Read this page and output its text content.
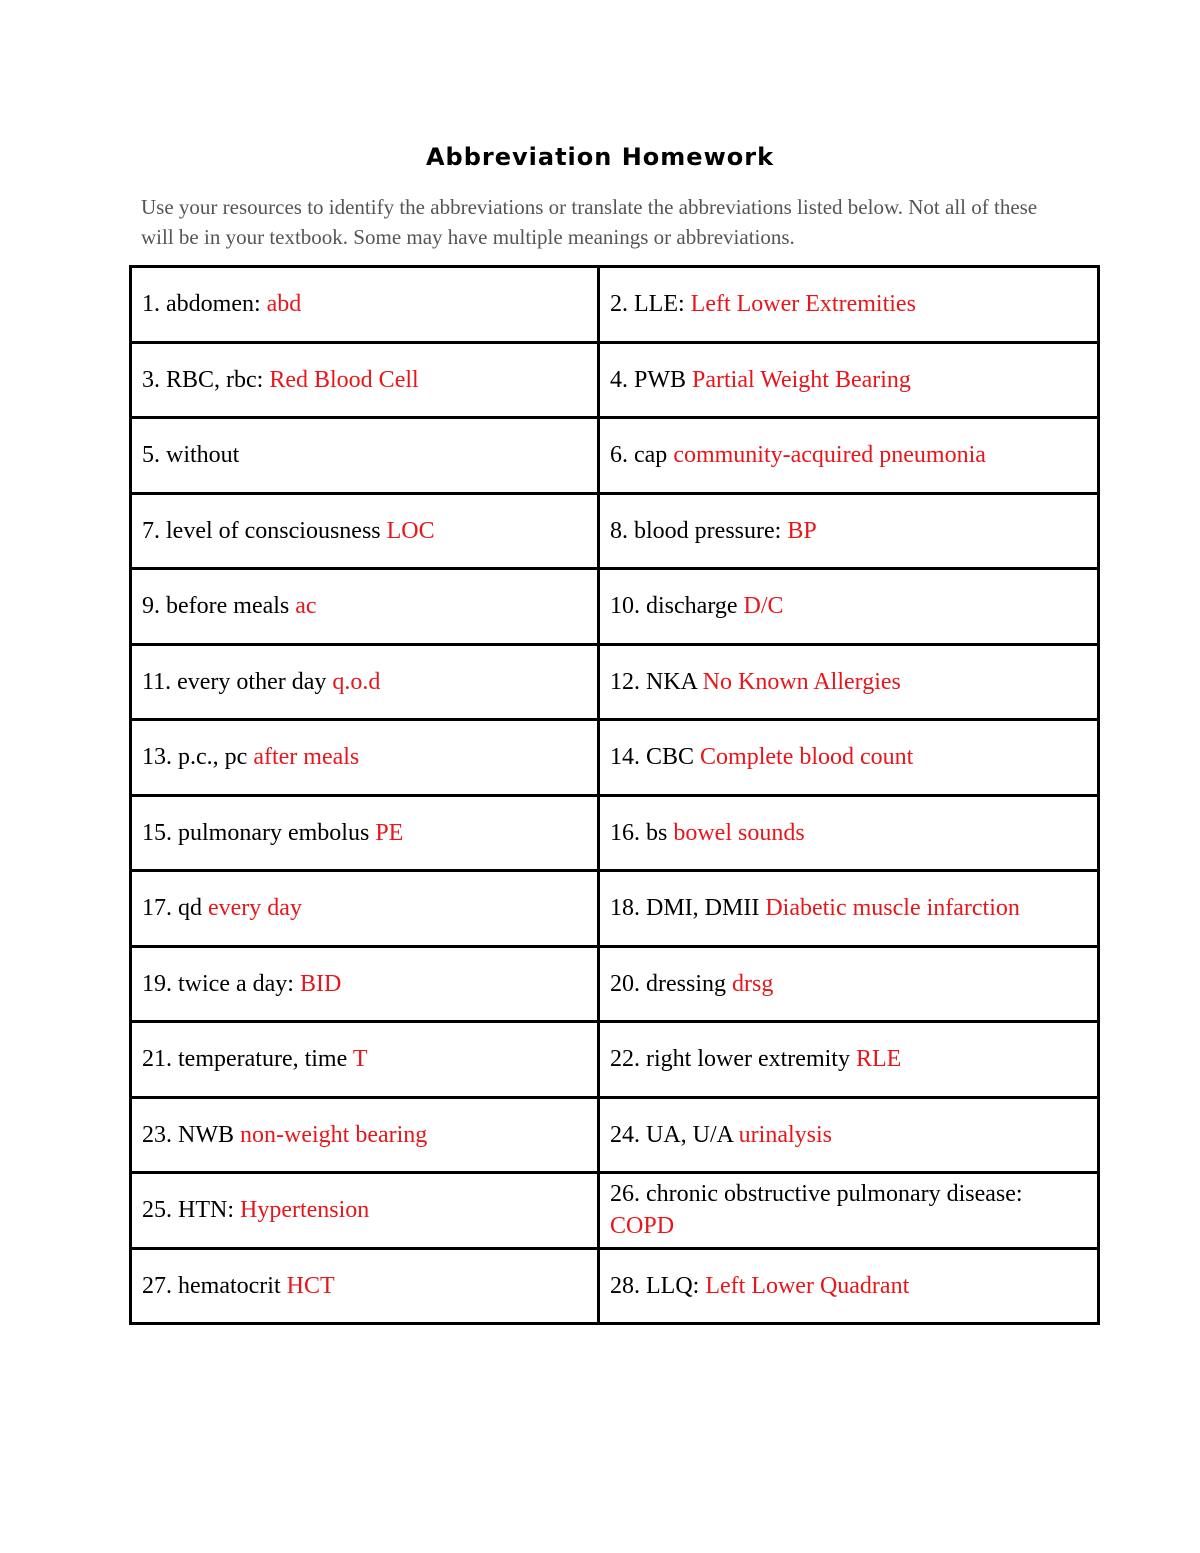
Abbreviation Homework
Use your resources to identify the abbreviations or translate the abbreviations listed below. Not all of these will be in your textbook. Some may have multiple meanings or abbreviations.
1. abdomen: abd	2. LLE: Left Lower Extremities
3. RBC, rbc: Red Blood Cell	4. PWB Partial Weight Bearing
5. without	6. cap community-acquired pneumonia
7. level of consciousness LOC	8. blood pressure: BP
9. before meals ac	10. discharge D/C
11. every other day q.o.d	12. NKA No Known Allergies
13. p.c., pc after meals	14. CBC Complete blood count
15. pulmonary embolus PE	16. bs bowel sounds
17. qd every day	18. DMI, DMII Diabetic muscle infarction
19. twice a day: BID	20. dressing drsg
21. temperature, time T	22. right lower extremity RLE
23. NWB non-weight bearing	24. UA, U/A urinalysis
25. HTN: Hypertension	26. chronic obstructive pulmonary disease: COPD
27. hematocrit HCT	28. LLQ: Left Lower Quadrant
